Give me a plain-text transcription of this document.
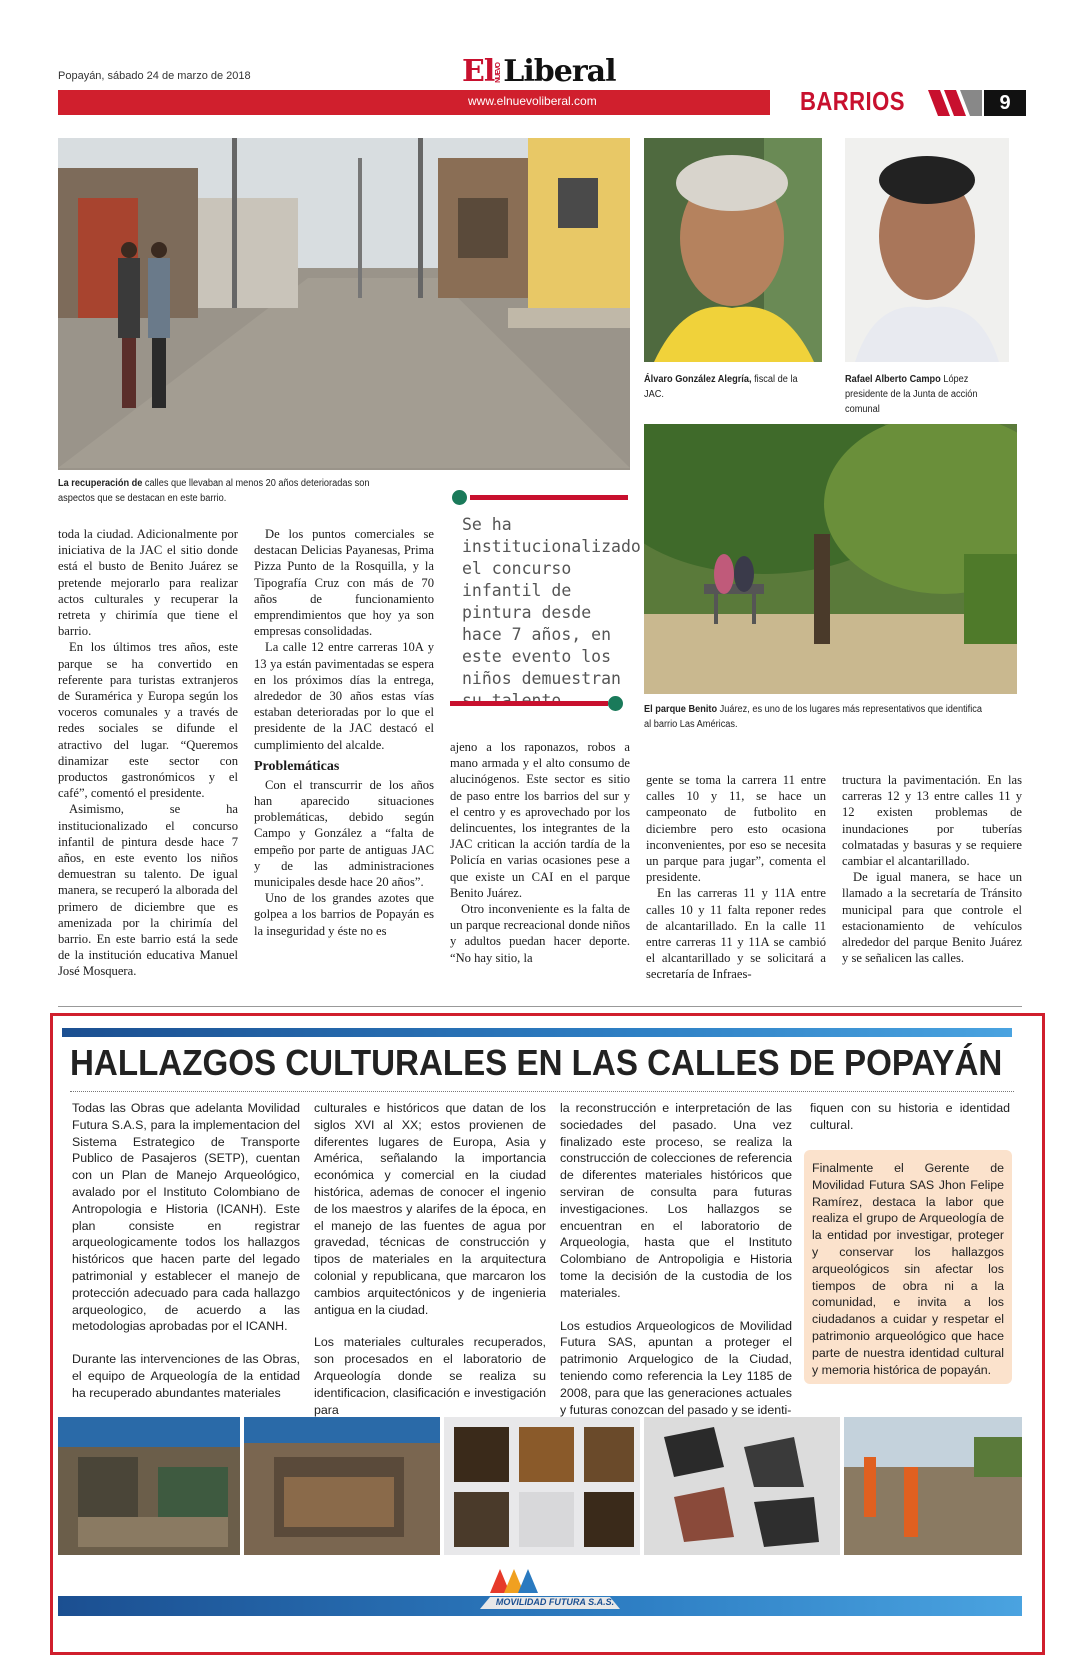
Popayán, sábado 24 de marzo de 2018	ElNUEVOLiberal
www.elnuevoliberal.com	BARRIOS	9
La recuperación de calles que llevaban al menos 20 años deterioradas son aspectos que se destacan en este barrio.
Álvaro González Alegría, fiscal de la JAC.
Rafael Alberto Campo López presidente de la Junta de acción comunal
El parque Benito Juárez, es uno de los lugares más representativos que identifica al barrio Las Américas.
Se ha institucionalizado el concurso infantil de pintura desde hace 7 años, en este evento los niños demuestran

toda la ciudad. Adicionalmente por iniciativa de la JAC el sitio donde está el busto de Benito Juárez se pretende mejorarlo para realizar actos culturales y recuperar la retreta y chirimía que tiene el barrio.

En los últimos tres años, este parque se ha convertido en referente para turistas extranjeros de Suramérica y Europa según los voceros comunales y a través de redes sociales se difunde el atractivo del lugar. “Queremos dinamizar este sector con productos gastronómicos y el café”, comentó el presidente.

Asimismo, se ha institucionalizado el concurso infantil de pintura desde hace 7 años, en este evento los niños demuestran su talento. De igual manera, se recuperó la alborada del primero de diciembre que es amenizada por la chirimía del barrio. En este barrio está la sede de la institución educativa Manuel José Mosquera.

De los puntos comerciales se destacan Delicias Payanesas, Prima Pizza Punto de la Rosquilla, y la Tipografía Cruz con más de 70 años de funcionamiento emprendimientos que hoy ya son empresas consolidadas.

La calle 12 entre carreras 10A y 13 ya están pavimentadas se espera en los próximos días la entrega, alrededor de 30 años estas vías estaban deterioradas por lo que el presidente de la JAC destacó el cumplimiento del alcalde.

Problemáticas

Con el transcurrir de los años han aparecido situaciones problemáticas, debido según Campo y González a “falta de empeño por parte de antiguas JAC y de las administraciones municipales desde hace 20 años”.

Uno de los grandes azotes que golpea a los barrios de Popayán es la inseguridad y éste no es

ajeno a los raponazos, robos a mano armada y el alto consumo de alucinógenos. Este sector es sitio de paso entre los barrios del sur y el centro y es aprovechado por los delincuentes, los integrantes de la JAC critican la acción tardía de la Policía en varias ocasiones pese a que existe un CAI en el parque Benito Juárez.

Otro inconveniente es la falta de un parque recreacional donde niños y adultos puedan hacer deporte. “No hay sitio, la

gente se toma la carrera 11 entre calles 10 y 11, se hace un campeonato de futbolito en diciembre pero esto ocasiona inconvenientes, por eso se necesita un parque para jugar”, comenta el presidente.

En las carreras 11 y 11A entre calles 10 y 11 falta reponer redes de alcantarillado. En la calle 11 entre carreras 11 y 11A se cambió el alcantarillado y se solicitará a secretaría de Infraes-

tructura la pavimentación. En las carreras 12 y 13 entre calles 11 y 12 existen problemas de inundaciones por tuberías colmatadas y basuras y se requiere cambiar el alcantarillado.

De igual manera, se hace un llamado a la secretaría de Tránsito municipal para que controle el estacionamiento de vehículos alrededor del parque Benito Juárez y se señalicen las calles.

HALLAZGOS CULTURALES EN LAS CALLES DE POPAYÁN

Todas las Obras que adelanta Movilidad Futura S.A.S, para la implementacion del Sistema Estrategico de Transporte Publico de Pasajeros (SETP), cuentan con un Plan de Manejo Arqueológico, avalado por el Instituto Colombiano de Antropologia e Historia (ICANH). Este plan consiste en registrar arqueologicamente todos los hallazgos históricos que hacen parte del legado patrimonial y establecer el manejo de protección adecuado para cada hallazgo arqueologico, de acuerdo a las metodologias aprobadas por el ICANH.

Durante las intervenciones de las Obras, el equipo de Arqueología de la entidad ha recuperado abundantes materiales

culturales e históricos que datan de los siglos XVI al XX; estos provienen de diferentes lugares de Europa, Asia y América, señalando la importancia económica y comercial en la ciudad histórica, ademas de conocer el ingenio de los maestros y alarifes de la época, en el manejo de las fuentes de agua por gravedad, técnicas de construcción y tipos de materiales en la arquitectura colonial y republicana, que marcaron los cambios arquitectónicos y de ingenieria antigua en la ciudad.

Los materiales culturales recuperados, son procesados en el laboratorio de Arqueología donde se realiza su identificacion, clasificación e investigación para

la reconstrucción e interpretación de las sociedades del pasado. Una vez finalizado este proceso, se realiza la construcción de colecciones de referencia de diferentes materiales históricos que serviran de consulta para futuras investigaciones. Los hallazgos se encuentran en el laboratorio de Arqueologia, hasta que el Instituto Colombiano de Antropoligia e Historia tome la decisión de la custodia de los materiales.

Los estudios Arqueologicos de Movilidad Futura SAS, apuntan a proteger el patrimonio Arquelogico de la Ciudad, teniendo como referencia la Ley 1185 de 2008, para que las generaciones actuales y futuras conozcan del pasado y se identi-

fiquen con su historia e identidad cultural.

Finalmente el Gerente de Movilidad Futura SAS Jhon Felipe Ramírez, destaca la labor que realiza el grupo de Arqueología de la entidad por investigar, proteger y conservar los hallazgos arqueológicos sin afectar los tiempos de obra ni a la comunidad, e invita a los ciudadanos a cuidar y respetar el patrimonio arqueológico que hace parte de nuestra identidad cultural y memoria histórica de popayán.

MOVILIDAD FUTURA S.A.S.
